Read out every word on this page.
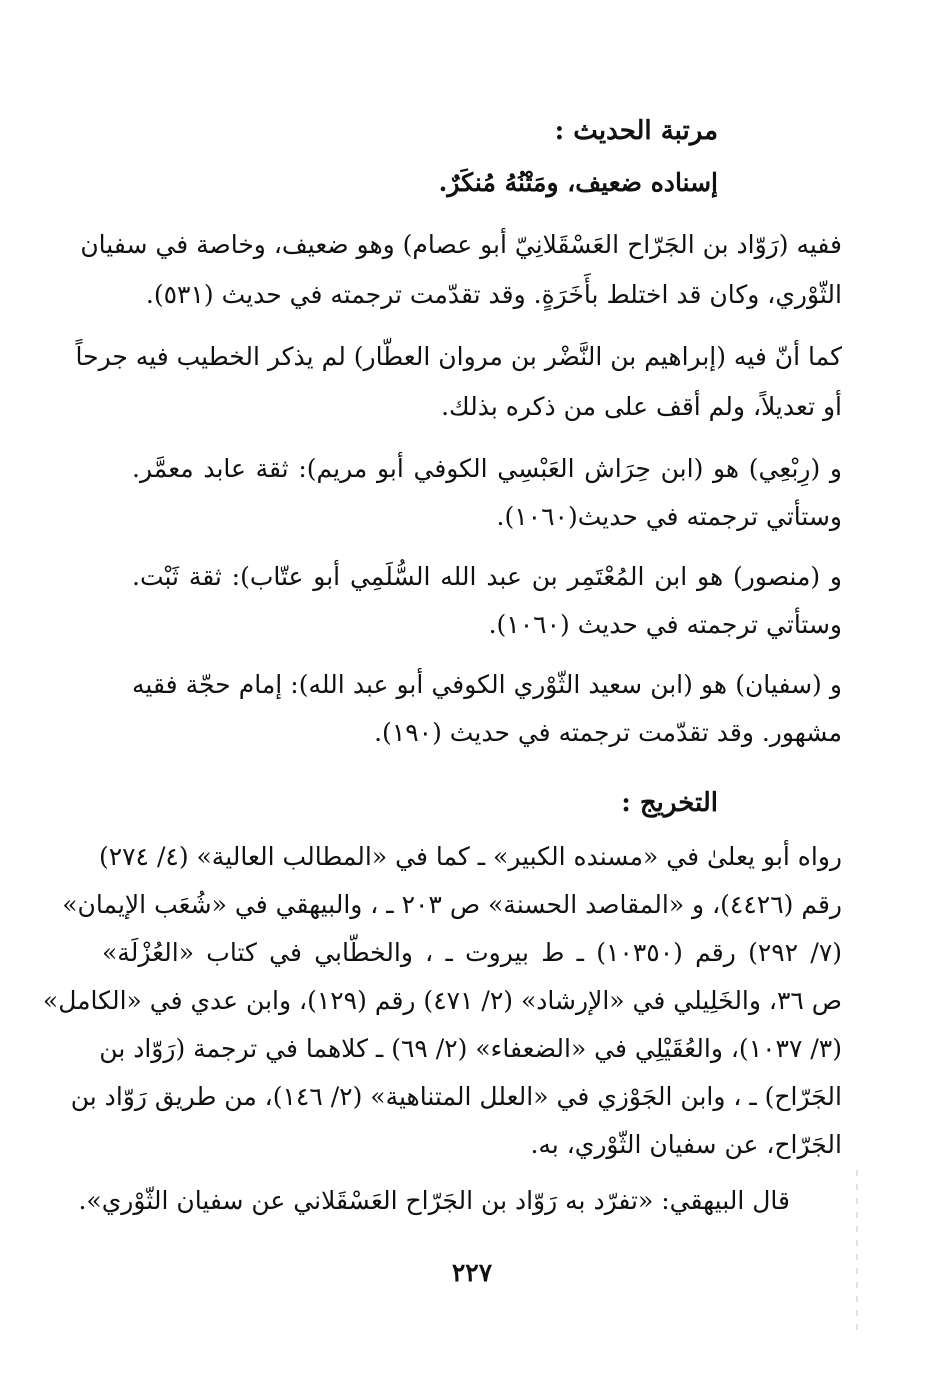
مرتبة الحديث :
إسناده ضعيف، ومَتْنُهُ مُنكَرٌ.
ففيه (رَوّاد بن الجَرّاح العَسْقَلانِيّ أبو عصام) وهو ضعيف، وخاصة في سفيان
الثّوْري، وكان قد اختلط بأَخَرَةٍ. وقد تقدّمت ترجمته في حديث (٥٣١).
كما أنّ فيه (إبراهيم بن النَّضْر بن مروان العطّار) لم يذكر الخطيب فيه جرحاً
أو تعديلاً، ولم أقف على من ذكره بذلك.
و (رِبْعِي) هو (ابن حِرَاش العَبْسِي الكوفي أبو مريم): ثقة عابد معمَّر.
وستأتي ترجمته في حديث(١٠٦٠).
و (منصور) هو ابن المُعْتَمِر بن عبد الله السُّلَمِي أبو عتّاب): ثقة ثَبْت.
وستأتي ترجمته في حديث (١٠٦٠).
و (سفيان) هو (ابن سعيد الثّوْري الكوفي أبو عبد الله): إمام حجّة فقيه
مشهور. وقد تقدّمت ترجمته في حديث (١٩٠).
التخريج :
رواه أبو يعلىٰ في «مسنده الكبير» ـ كما في «المطالب العالية» (٤/ ٢٧٤)
رقم (٤٤٢٦)، و «المقاصد الحسنة» ص ٢٠٣ ـ ، والبيهقي في «شُعَب الإيمان»
(٧/ ٢٩٢) رقم (١٠٣٥٠) ـ ط بيروت ـ ، والخطّابي في كتاب «العُزْلَة»
ص ٣٦، والخَلِيلي في «الإرشاد» (٢/ ٤٧١) رقم (١٢٩)، وابن عدي في «الكامل»
(٣/ ١٠٣٧)، والعُقَيْلِي في «الضعفاء» (٢/ ٦٩) ـ كلاهما في ترجمة (رَوّاد بن
الجَرّاح) ـ ، وابن الجَوْزي في «العلل المتناهية» (٢/ ١٤٦)، من طريق رَوّاد بن
الجَرّاح، عن سفيان الثّوْري، به.
قال البيهقي: «تفرّد به رَوّاد بن الجَرّاح العَسْقَلاني عن سفيان الثّوْري».
٢٢٧
